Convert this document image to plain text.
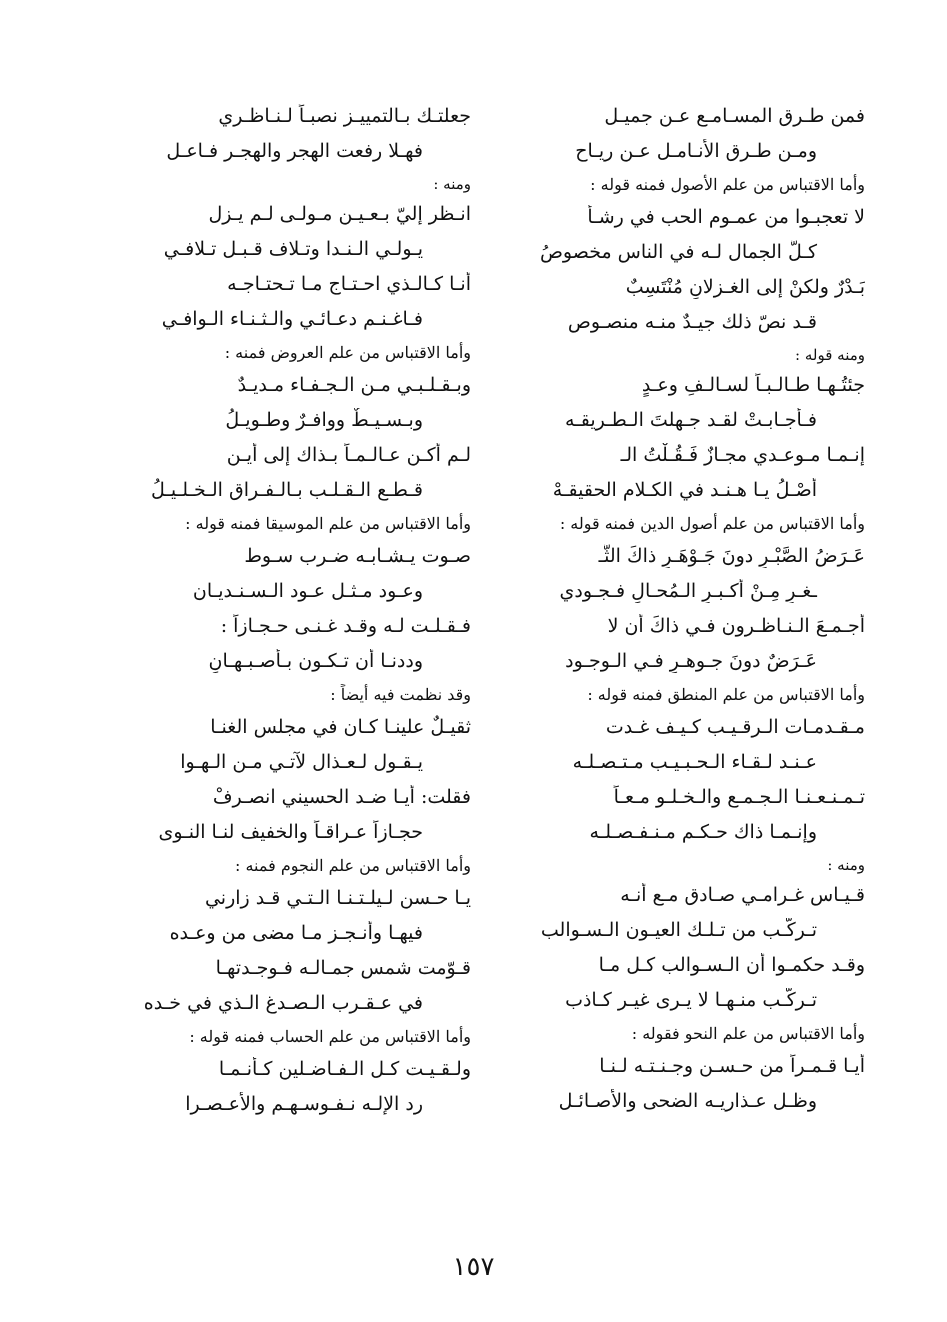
فمن طـرق المسـامـع عـن جميـل
ومـن طـرق الأنـامـل عـن ريـاح
وأما الاقتباس من علم الأصول فمنه قوله :
لا تعجبـوا من عمـوم الحب في رشـأ
كـلُّ الجمال لـه في الناس مخصوصُ
بَـدْرٌ ولكنْ إلى الغـزلانِ مُنْتَسِبٌ
قـد نصّ ذلك جيـدٌ منـه منصـوص
ومنه قوله :
جئتُـهـا طـالـبـاً لسـالـفِ وعـدٍ
فـأجـابـتْ لقـد جـهلتَ الـطـريقـه
إنـمـا مـوعـدي مجـازٌ فَـقُـلْتُ الـ
أَصْـلُ يـا هـنـد في الكـلام الحقيقـهْ
وأما الاقتباس من علم أصول الدين فمنه قوله :
عَـرَضُ الصَّبْـرِ دونَ جَـوْهَـرِ ذاكَ الثَّـ
ـغـرِ مِـنْ أكـبـرِ الـمُحـالِ فـجـودي
أجـمـعَ الـنـاظـرون فـي ذاكَ أن لا
عَـرَضٌ دونَ جـوهـرٍ فـي الـوجـود
وأما الاقتباس من علم المنطق فمنه قوله :
مـقـدمـات الـرقـيـب كـيـف غـدت
عـنـد لـقـاء الـحـبـيـب مـتـصـلـه
تـمـنـعـنـا الـجـمـع والـخـلـو مـعـاً
وإنـمـا ذاك حـكـم مـنـفـصـلـه
ومنه :
قـيـاس غـرامـي صـادق مـع أنـه
تـركّـب من تـلـك العيـون الـسـوالب
وقـد حكمـوا أن الـسـوالب كـل مـا
تـركّـب منـهـا لا يـرى غيـر كـاذب
وأما الاقتباس من علم النحو فقوله :
أيـا قـمـراً من حـسـن وجـنـتـه لـنـا
وظـل عـذاريـه الضحى والأصـائـل
جعلتـك بـالتمييـز نصبـاً لـنـاظـري
فهـلا رفعت الهجر والهجـر فـاعـل
ومنه :
انـظر إليّ بـعـيـن مـولـى لـم يـزل
يـولـي الـنـدا وتـلاف قـبـل تـلافـي
أنـا كـالـذي احـتـاج مـا تـحتـاجـه
فـاغـنـم دعـائـي والـثـنـاء الـوافـي
وأما الاقتباس من علم العروض فمنه :
وبـقـلـبـي مـن الـجـفـاء مـديـدٌ
وبـسـيـطٌ ووافـرٌ وطـويـلُ
لـم أكـن عـالـمـاً بـذاك إلى أيـن
قـطـع الـقـلـب بـالـفـراق الـخـلـيـلُ
وأما الاقتباس من علم الموسيقا فمنه قوله :
صـوت يـشـابـه ضـرب سـوط
وعـود مـثـل عـود الـسـنـديـان
فـقـلـت لـه وقـد غـنـى حـجـازاً :
وددنـا أن تـكـون بـأصـبـهـانِ
وقد نظمت فيه أيضاً :
ثقيـلٌ علينـا كـان في مجلس الغنـا
يـقـول لـعـذال لآتـي مـن الـهـوا
فقلت: أيـا ضـد الحسيني انصـرفْ
حجـازاً عـراقـاً والخفيف لنـا النـوى
وأما الاقتباس من علم النجوم فمنه :
يـا حـسن لـيلـتـنـا الـتـي قـد زارني
فيهـا وأنـجـز مـا مضى من وعـده
قـوّمت شمس جمـالـه فـوجـدتهـا
في عـقـرب الـصـدغ الـذي في خـده
وأما الاقتباس من علم الحساب فمنه قوله :
ولـقـيـت كـل الـفـاضـلين كـأنـمـا
رد الإلـه نـفـوسـهـم والأعـصـرا
١٥٧
